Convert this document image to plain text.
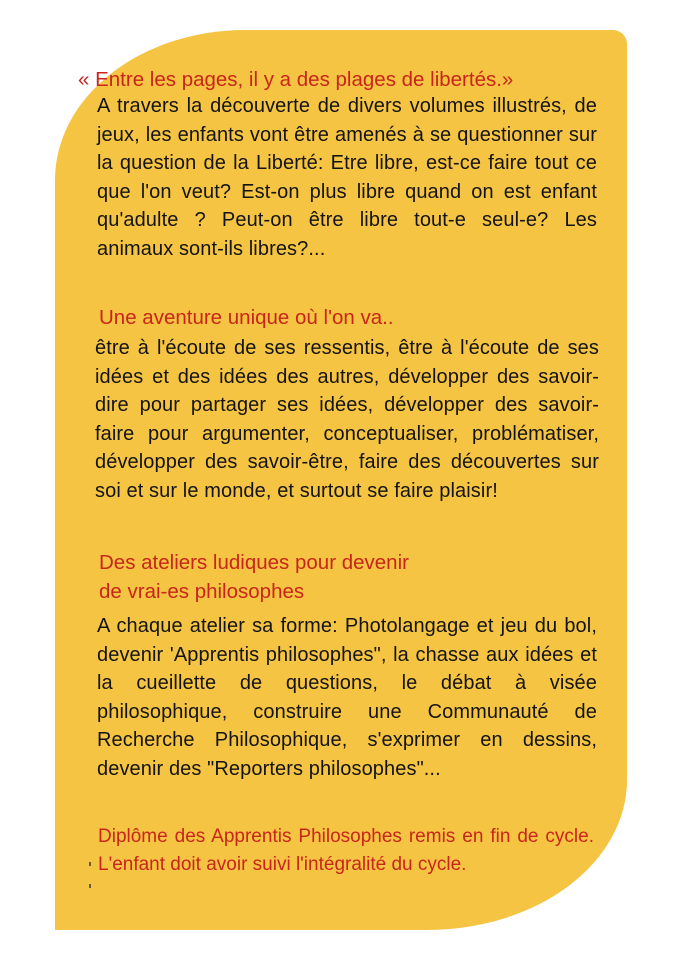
« Entre les pages, il y a des plages de libertés.»

A travers la découverte de divers volumes illustrés, de jeux, les enfants vont être amenés à se questionner sur la question de la Liberté: Etre libre, est-ce faire tout ce que l'on veut? Est-on plus libre quand on est enfant qu'adulte ? Peut-on être libre tout-e seul-e? Les animaux sont-ils libres?...

Une aventure unique où l'on va..

être à l'écoute de ses ressentis, être à l'écoute de ses idées et des idées des autres, développer des savoir-dire pour partager ses idées, développer des savoir-faire pour argumenter, conceptualiser, problématiser, développer des savoir-être, faire des découvertes sur soi et sur le monde, et surtout se faire plaisir!

Des ateliers ludiques pour devenir

de vrai-es philosophes

A chaque atelier sa forme: Photolangage et jeu du bol, devenir 'Apprentis philosophes", la chasse aux idées et la cueillette de questions, le débat à visée philosophique, construire une Communauté de Recherche Philosophique, s'exprimer en dessins, devenir des "Reporters philosophes"...

Diplôme des Apprentis Philosophes remis en fin de cycle. L'enfant doit avoir suivi l'intégralité du cycle.
